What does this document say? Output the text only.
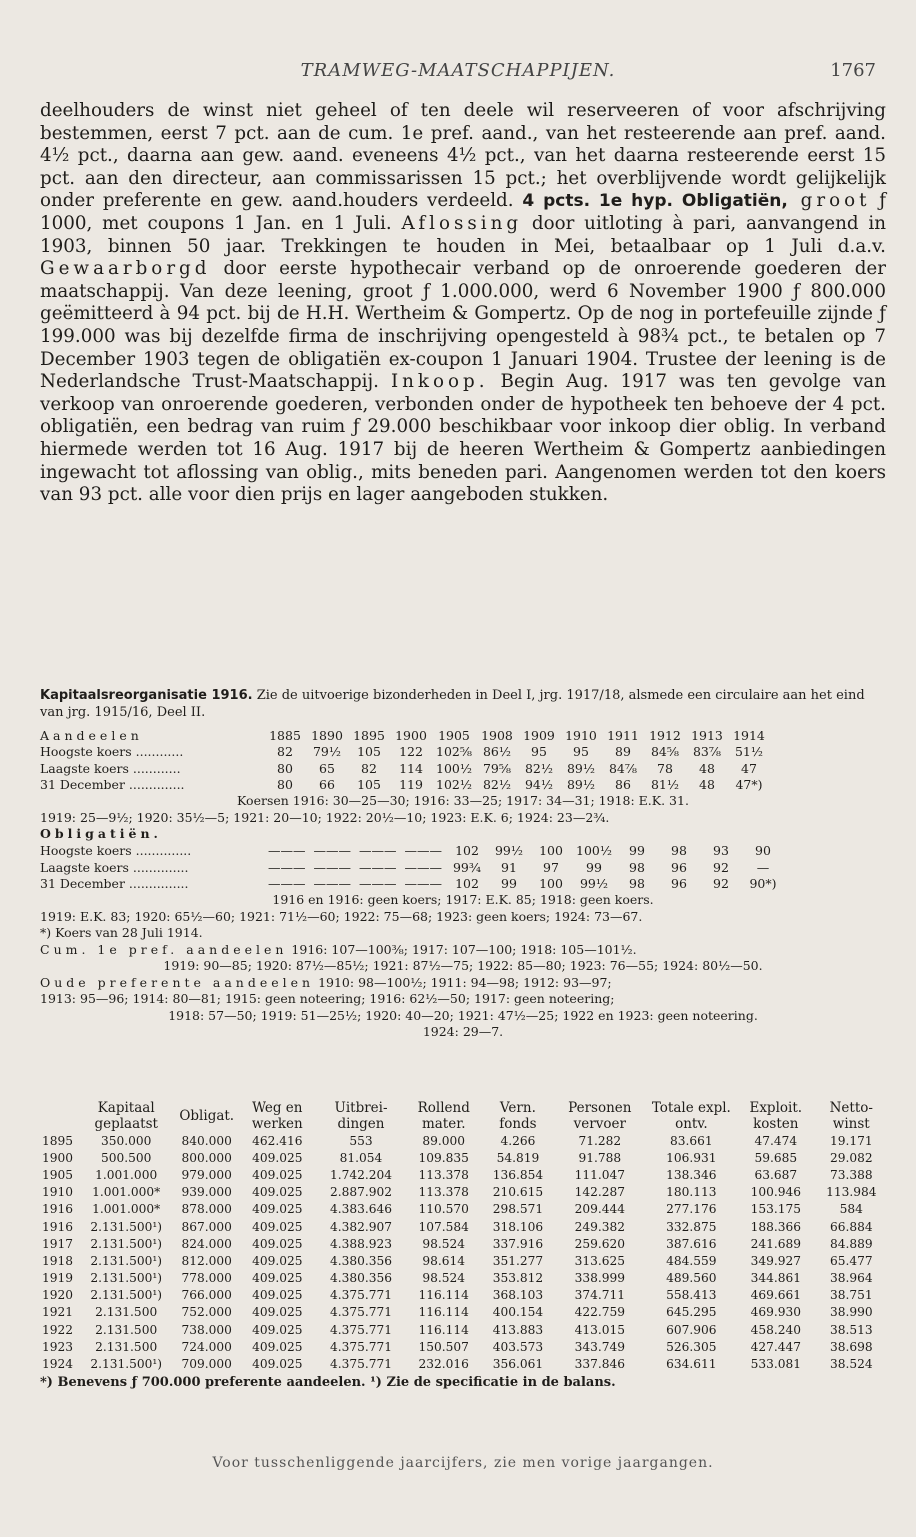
TRAMWEG-MAATSCHAPPIJEN.	1767

deelhouders de winst niet geheel of ten deele wil reserveeren of voor afschrijving bestemmen, eerst 7 pct. aan de cum. 1e pref. aand., van het resteerende aan pref. aand. 4½ pct., daarna aan gew. aand. eveneens 4½ pct., van het daarna resteerende eerst 15 pct. aan den directeur, aan commissarissen 15 pct.; het overblijvende wordt gelijkelijk onder preferente en gew. aand.houders verdeeld. 4 pcts. 1e hyp. Obligatiën, groot ƒ 1000, met coupons 1 Jan. en 1 Juli. Aflossing door uitloting à pari, aanvangend in 1903, binnen 50 jaar. Trekkingen te houden in Mei, betaalbaar op 1 Juli d.a.v. Gewaarborgd door eerste hypothecair verband op de onroerende goederen der maatschappij. Van deze leening, groot ƒ 1.000.000, werd 6 November 1900 ƒ 800.000 geëmitteerd à 94 pct. bij de H.H. Wertheim & Gompertz. Op de nog in portefeuille zijnde ƒ 199.000 was bij dezelfde firma de inschrijving opengesteld à 98¾ pct., te betalen op 7 December 1903 tegen de obligatiën ex-coupon 1 Januari 1904. Trustee der leening is de Nederlandsche Trust-Maatschappij. Inkoop. Begin Aug. 1917 was ten gevolge van verkoop van onroerende goederen, verbonden onder de hypotheek ten behoeve der 4 pct. obligatiën, een bedrag van ruim ƒ 29.000 beschikbaar voor inkoop dier oblig. In verband hiermede werden tot 16 Aug. 1917 bij de heeren Wertheim & Gompertz aanbiedingen ingewacht tot aflossing van oblig., mits beneden pari. Aangenomen werden tot den koers van 93 pct. alle voor dien prijs en lager aangeboden stukken.

Kapitaalsreorganisatie 1916. Zie de uitvoerige bizonderheden in Deel I, jrg. 1917/18, alsmede een circulaire aan het eind van jrg. 1915/16, Deel II.
Aandeelen	1885	1890	1895	1900	1905	1908	1909	1910	1911	1912	1913	1914
Hoogste koers ............	82	79½	105	122	102⅝	86½	95	95	89	84⅝	83⅞	51½
Laagste koers ............	80	65	82	114	100½	79⅝	82½	89½	84⅞	78	48	47
31 December ..............	80	66	105	119	102½	82½	94½	89½	86	81½	48	47*)
Koersen 1916: 30—25—30; 1916: 33—25; 1917: 34—31; 1918: E.K. 31.
1919: 25—9½; 1920: 35½—5; 1921: 20—10; 1922: 20½—10; 1923: E.K. 6; 1924: 23—2¾.
Obligatiën.
Hoogste koers ..............	———	———	———	———	102	99½	100	100½	99	98	93	90
Laagste koers ..............	———	———	———	———	99¾	91	97	99	98	96	92	—
31 December ...............	———	———	———	———	102	99	100	99½	98	96	92	90*)
1916 en 1916: geen koers; 1917: E.K. 85; 1918: geen koers.
1919: E.K. 83; 1920: 65½—60; 1921: 71½—60; 1922: 75—68; 1923: geen koers; 1924: 73—67.
*) Koers van 28 Juli 1914.
Cum. 1e pref. aandeelen 1916: 107—100⅜; 1917: 107—100; 1918: 105—101½.
1919: 90—85; 1920: 87½—85½; 1921: 87½—75; 1922: 85—80; 1923: 76—55; 1924: 80½—50.
Oude preferente aandeelen 1910: 98—100½; 1911: 94—98; 1912: 93—97;
1913: 95—96; 1914: 80—81; 1915: geen noteering; 1916: 62½—50; 1917: geen noteering;
1918: 57—50; 1919: 51—25½; 1920: 40—20; 1921: 47½—25; 1922 en 1923: geen noteering.
1924: 29—7.
	Kapitaal geplaatst	Obligat.	Weg en werken	Uitbrei-dingen	Rollend mater.	Vern. fonds	Personen vervoer	Totale expl. ontv.	Exploit. kosten	Netto-winst
1895	350.000	840.000	462.416	553	89.000	4.266	71.282	83.661	47.474	19.171
1900	500.500	800.000	409.025	81.054	109.835	54.819	91.788	106.931	59.685	29.082
1905	1.001.000	979.000	409.025	1.742.204	113.378	136.854	111.047	138.346	63.687	73.388
1910	1.001.000*	939.000	409.025	2.887.902	113.378	210.615	142.287	180.113	100.946	113.984
1916	1.001.000*	878.000	409.025	4.383.646	110.570	298.571	209.444	277.176	153.175	584
1916	2.131.500¹)	867.000	409.025	4.382.907	107.584	318.106	249.382	332.875	188.366	66.884
1917	2.131.500¹)	824.000	409.025	4.388.923	98.524	337.916	259.620	387.616	241.689	84.889
1918	2.131.500¹)	812.000	409.025	4.380.356	98.614	351.277	313.625	484.559	349.927	65.477
1919	2.131.500¹)	778.000	409.025	4.380.356	98.524	353.812	338.999	489.560	344.861	38.964
1920	2.131.500¹)	766.000	409.025	4.375.771	116.114	368.103	374.711	558.413	469.661	38.751
1921	2.131.500	752.000	409.025	4.375.771	116.114	400.154	422.759	645.295	469.930	38.990
1922	2.131.500	738.000	409.025	4.375.771	116.114	413.883	413.015	607.906	458.240	38.513
1923	2.131.500	724.000	409.025	4.375.771	150.507	403.573	343.749	526.305	427.447	38.698
1924	2.131.500¹)	709.000	409.025	4.375.771	232.016	356.061	337.846	634.611	533.081	38.524
*) Benevens ƒ 700.000 preferente aandeelen. ¹) Zie de specificatie in de balans.
Voor tusschenliggende jaarcijfers, zie men vorige jaargangen.
